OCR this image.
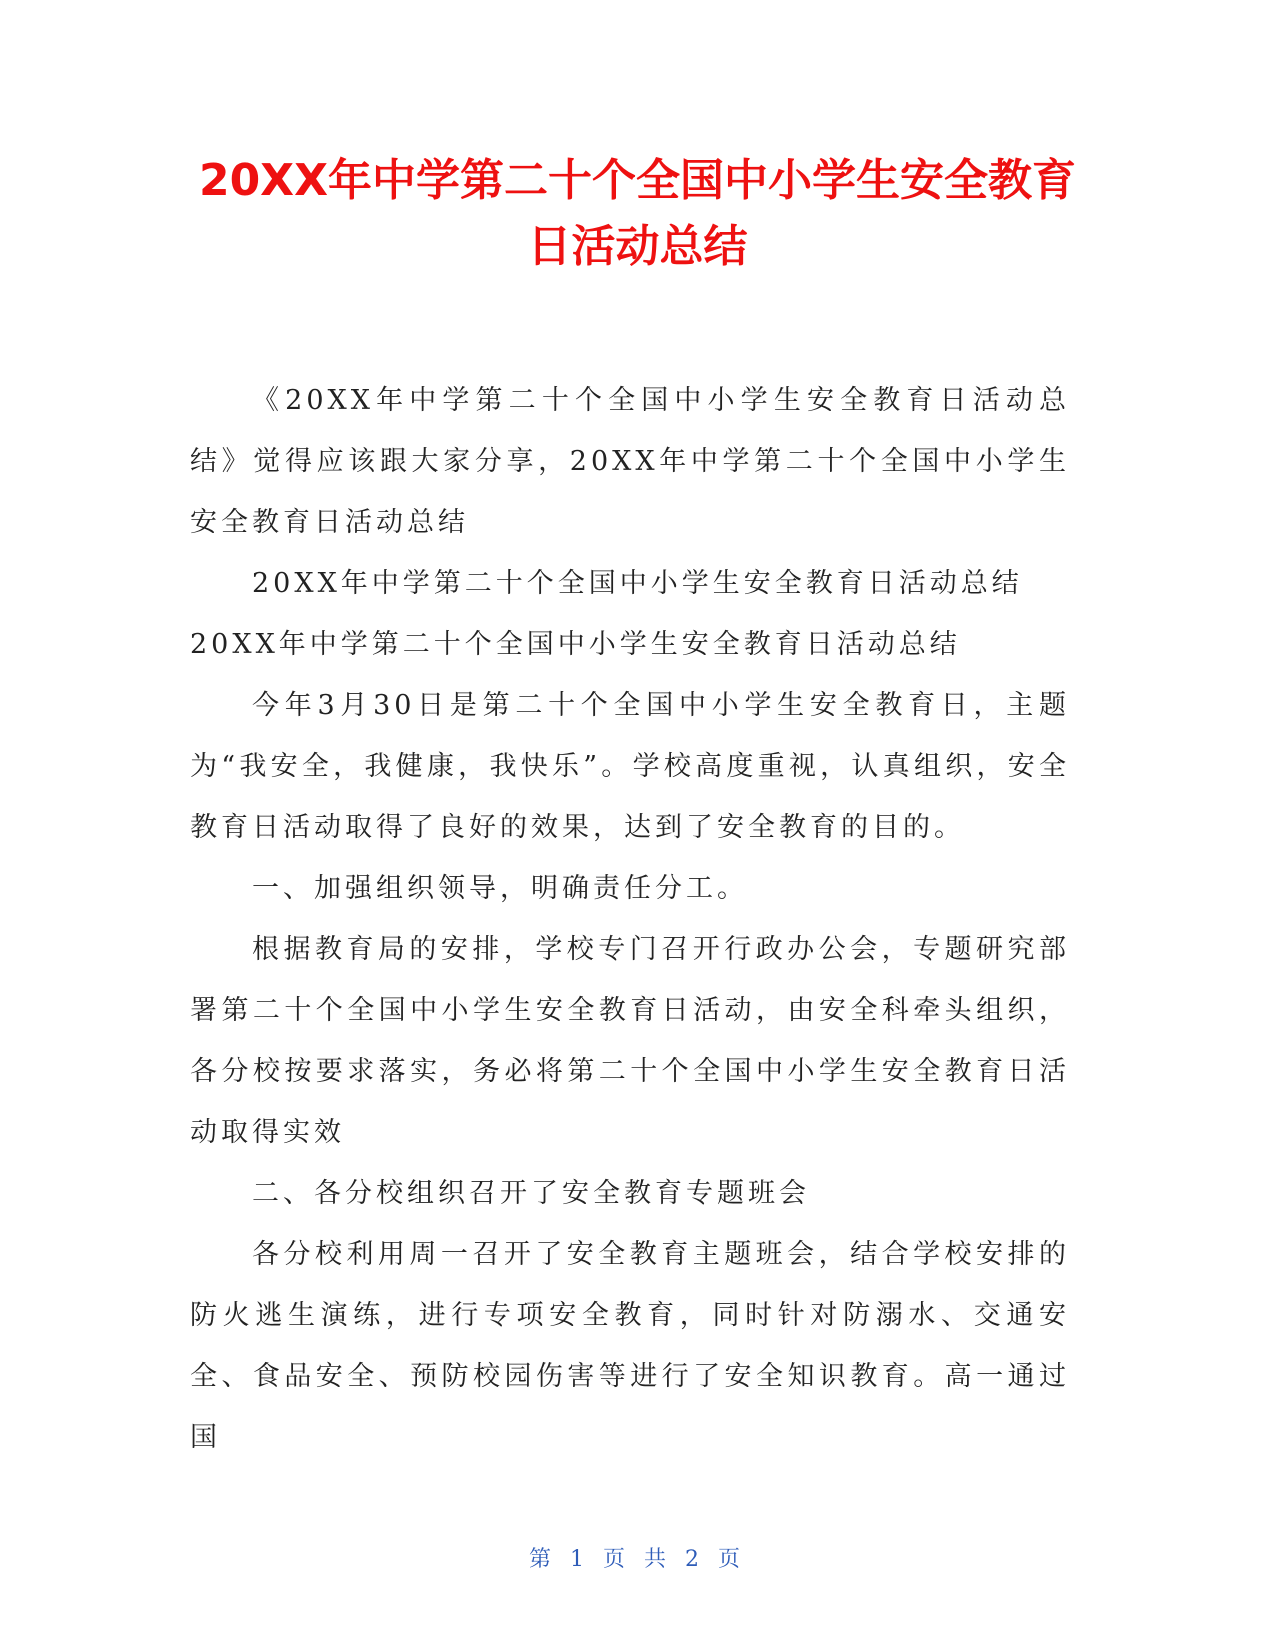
20XX年中学第二十个全国中小学生安全教育
日活动总结

《20XX年中学第二十个全国中小学生安全教育日活动总结》觉得应该跟大家分享，20XX年中学第二十个全国中小学生安全教育日活动总结

20XX年中学第二十个全国中小学生安全教育日活动总结

20XX年中学第二十个全国中小学生安全教育日活动总结

今年3月30日是第二十个全国中小学生安全教育日，主题为“我安全，我健康，我快乐”。学校高度重视，认真组织，安全教育日活动取得了良好的效果，达到了安全教育的目的。

一、加强组织领导，明确责任分工。

根据教育局的安排，学校专门召开行政办公会，专题研究部署第二十个全国中小学生安全教育日活动，由安全科牵头组织，各分校按要求落实，务必将第二十个全国中小学生安全教育日活动取得实效

二、各分校组织召开了安全教育专题班会

各分校利用周一召开了安全教育主题班会，结合学校安排的防火逃生演练，进行专项安全教育，同时针对防溺水、交通安全、食品安全、预防校园伤害等进行了安全知识教育。高一通过国

第 1 页 共 2 页
